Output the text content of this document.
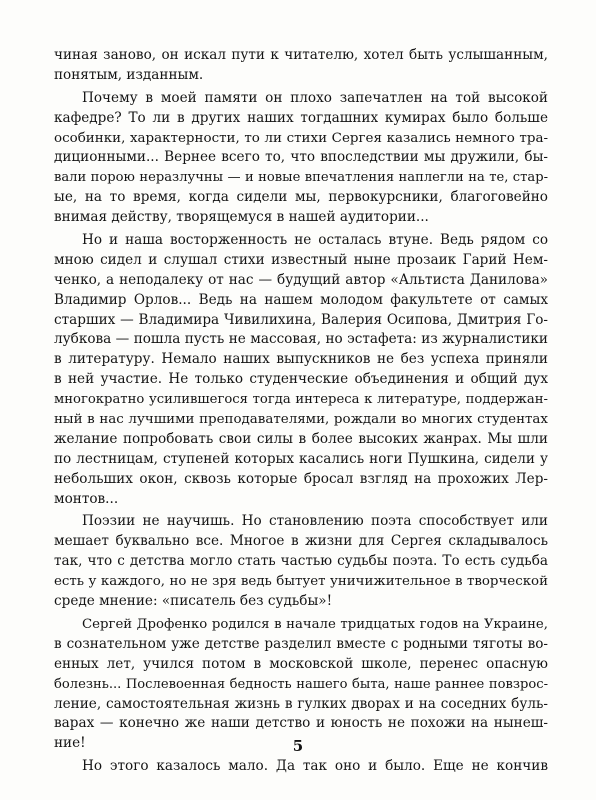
чиная заново, он искал пути к читателю, хотел быть услышанным,
понятым, изданным.

Почему в моей памяти он плохо запечатлен на той высокой
кафедре? То ли в других наших тогдашних кумирах было больше
особинки, характерности, то ли стихи Сергея казались немного тра-
диционными... Вернее всего то, что впоследствии мы дружили, бы-
вали порою неразлучны — и новые впечатления наплегли на те, стар-
ые, на то время, когда сидели мы, первокурсники, благоговейно
внимая действу, творящемуся в нашей аудитории...

Но и наша восторженность не осталась втуне. Ведь рядом со
мною сидел и слушал стихи известный ныне прозаик Гарий Нем-
ченко, а неподалеку от нас — будущий автор «Альтиста Данилова»
Владимир Орлов... Ведь на нашем молодом факультете от самых
старших — Владимира Чивилихина, Валерия Осипова, Дмитрия Го-
лубкова — пошла пусть не массовая, но эстафета: из журналистики
в литературу. Немало наших выпускников не без успеха приняли
в ней участие. Не только студенческие объединения и общий дух
многократно усилившегося тогда интереса к литературе, поддержан-
ный в нас лучшими преподавателями, рождали во многих студентах
желание попробовать свои силы в более высоких жанрах. Мы шли
по лестницам, ступеней которых касались ноги Пушкина, сидели у
небольших окон, сквозь которые бросал взгляд на прохожих Лер-
монтов...

Поэзии не научишь. Но становлению поэта способствует или
мешает буквально все. Многое в жизни для Сергея складывалось
так, что с детства могло стать частью судьбы поэта. То есть судьба
есть у каждого, но не зря ведь бытует уничижительное в творческой
среде мнение: «писатель без судьбы»!

Сергей Дрофенко родился в начале тридцатых годов на Украине,
в сознательном уже детстве разделил вместе с родными тяготы во-
енных лет, учился потом в московской школе, перенес опасную
болезнь... Послевоенная бедность нашего быта, наше раннее повзрос-
ление, самостоятельная жизнь в гулких дворах и на соседних буль-
варах — конечно же наши детство и юность не похожи на нынеш-
ние!

Но этого казалось мало. Да так оно и было. Еще не кончив

5
